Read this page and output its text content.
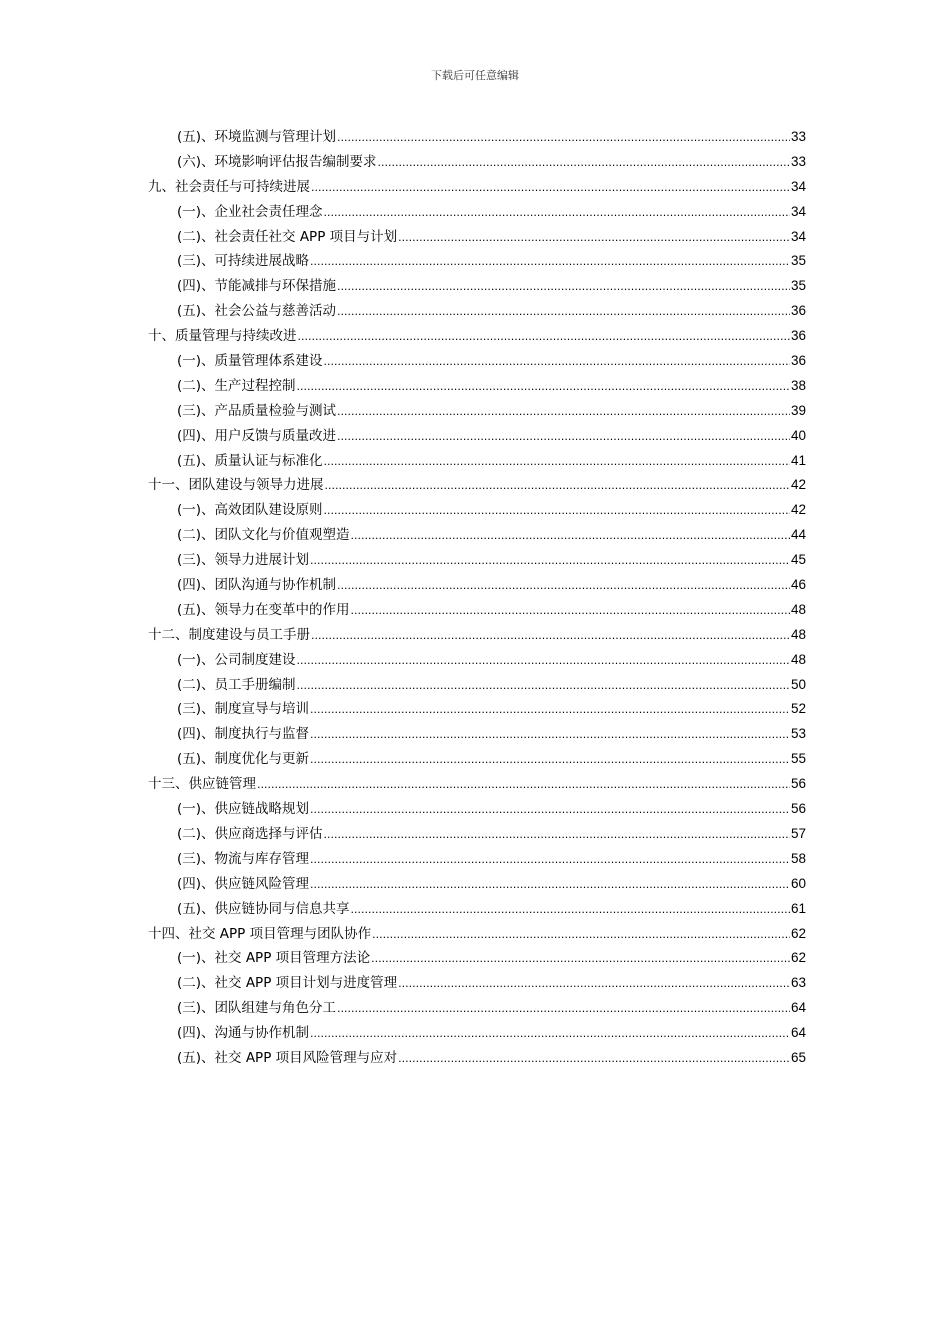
下载后可任意编辑
(五)、环境监测与管理计划 .....	33
(六)、环境影响评估报告编制要求 .....	33
九、社会责任与可持续进展 .....	34
(一)、企业社会责任理念 .....	34
(二)、社会责任社交 APP 项目与计划 .....	34
(三)、可持续进展战略 .....	35
(四)、节能减排与环保措施 .....	35
(五)、社会公益与慈善活动 .....	36
十、质量管理与持续改进 .....	36
(一)、质量管理体系建设 .....	36
(二)、生产过程控制 .....	38
(三)、产品质量检验与测试 .....	39
(四)、用户反馈与质量改进 .....	40
(五)、质量认证与标准化 .....	41
十一、团队建设与领导力进展 .....	42
(一)、高效团队建设原则 .....	42
(二)、团队文化与价值观塑造 .....	44
(三)、领导力进展计划 .....	45
(四)、团队沟通与协作机制 .....	46
(五)、领导力在变革中的作用 .....	48
十二、制度建设与员工手册 .....	48
(一)、公司制度建设 .....	48
(二)、员工手册编制 .....	50
(三)、制度宣导与培训 .....	52
(四)、制度执行与监督 .....	53
(五)、制度优化与更新 .....	55
十三、供应链管理 .....	56
(一)、供应链战略规划 .....	56
(二)、供应商选择与评估 .....	57
(三)、物流与库存管理 .....	58
(四)、供应链风险管理 .....	60
(五)、供应链协同与信息共享 .....	61
十四、社交 APP 项目管理与团队协作 .....	62
(一)、社交 APP 项目管理方法论 .....	62
(二)、社交 APP 项目计划与进度管理 .....	63
(三)、团队组建与角色分工 .....	64
(四)、沟通与协作机制 .....	64
(五)、社交 APP 项目风险管理与应对 .....	65
